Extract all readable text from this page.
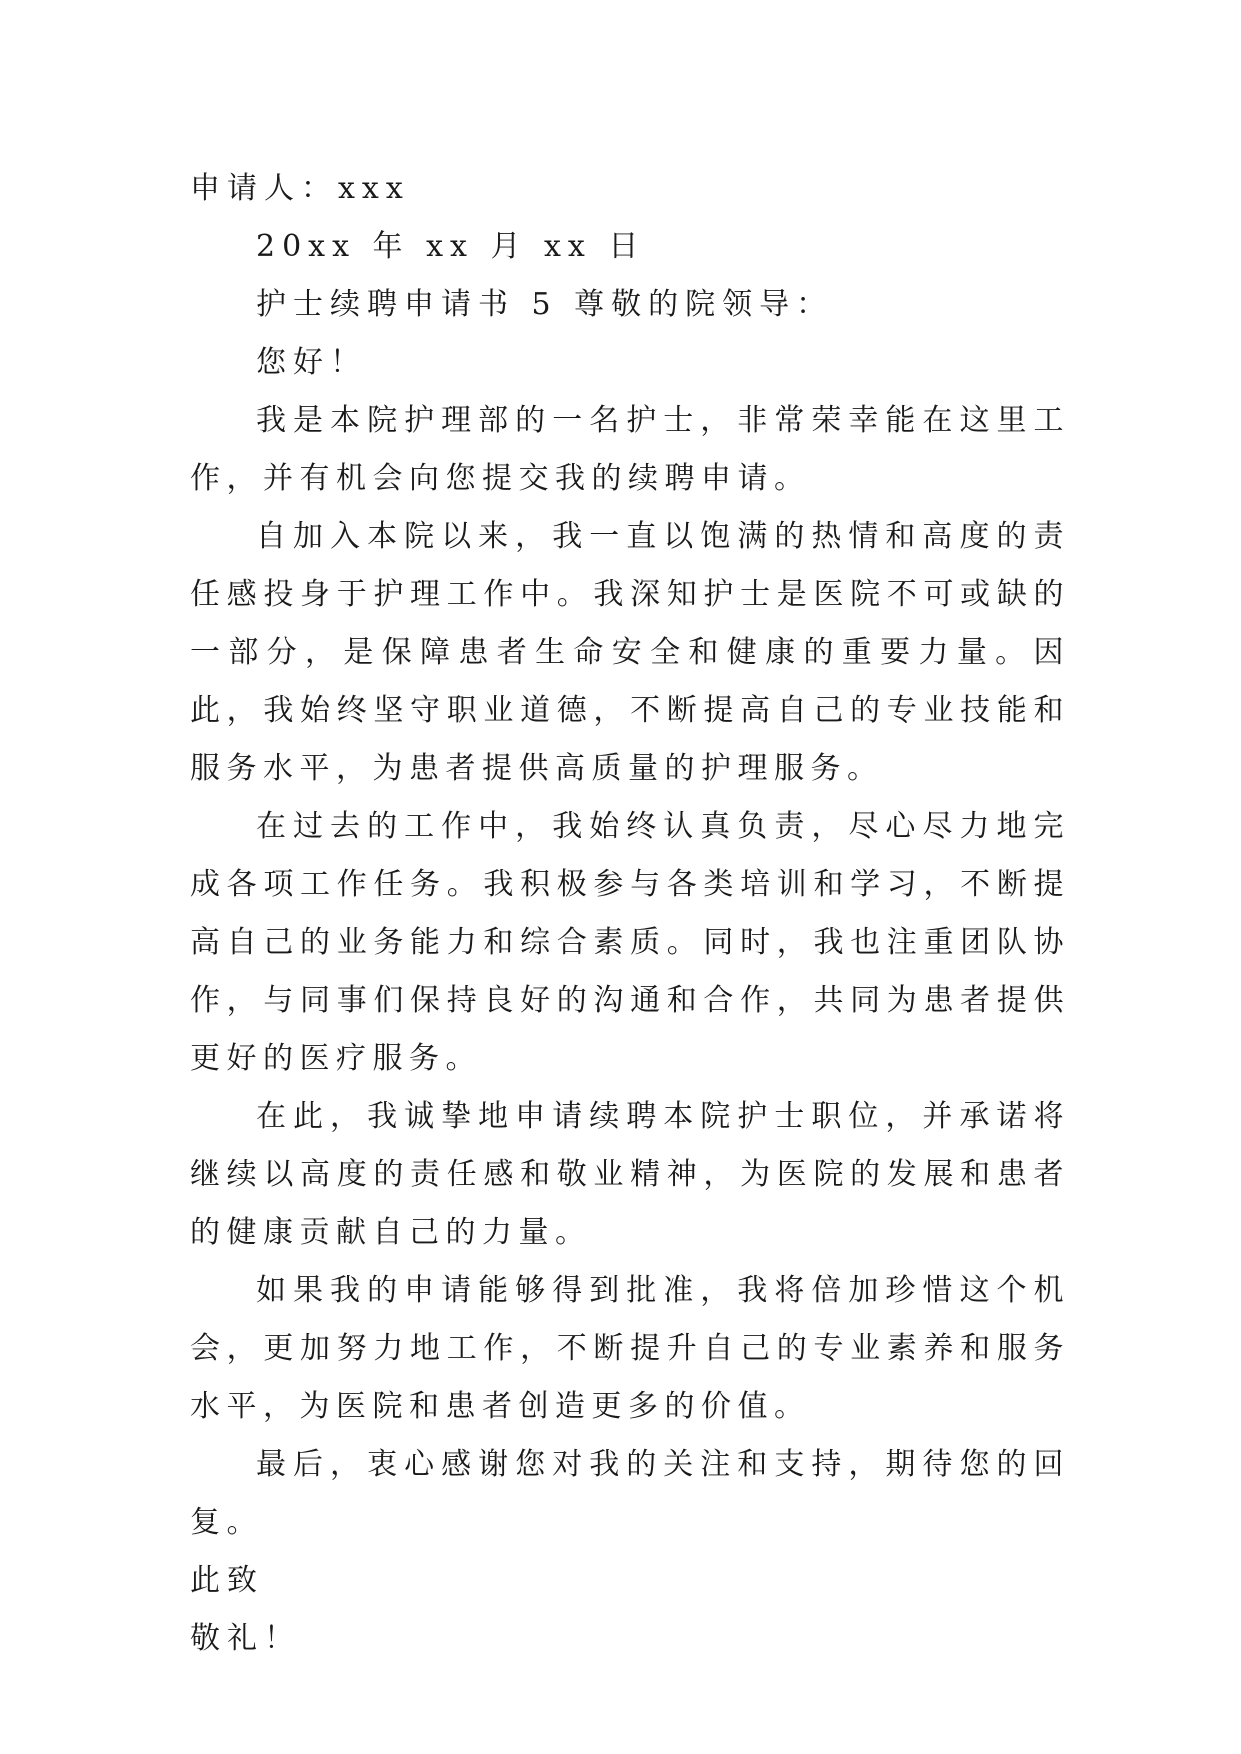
申请人：xxx

20xx 年 xx 月 xx 日

护士续聘申请书 5 尊敬的院领导：

您好！

我是本院护理部的一名护士，非常荣幸能在这里工作，并有机会向您提交我的续聘申请。

自加入本院以来，我一直以饱满的热情和高度的责任感投身于护理工作中。我深知护士是医院不可或缺的一部分，是保障患者生命安全和健康的重要力量。因此，我始终坚守职业道德，不断提高自己的专业技能和服务水平，为患者提供高质量的护理服务。

在过去的工作中，我始终认真负责，尽心尽力地完成各项工作任务。我积极参与各类培训和学习，不断提高自己的业务能力和综合素质。同时，我也注重团队协作，与同事们保持良好的沟通和合作，共同为患者提供更好的医疗服务。

在此，我诚挚地申请续聘本院护士职位，并承诺将继续以高度的责任感和敬业精神，为医院的发展和患者的健康贡献自己的力量。

如果我的申请能够得到批准，我将倍加珍惜这个机会，更加努力地工作，不断提升自己的专业素养和服务水平，为医院和患者创造更多的价值。

最后，衷心感谢您对我的关注和支持，期待您的回复。

此致

敬礼！
